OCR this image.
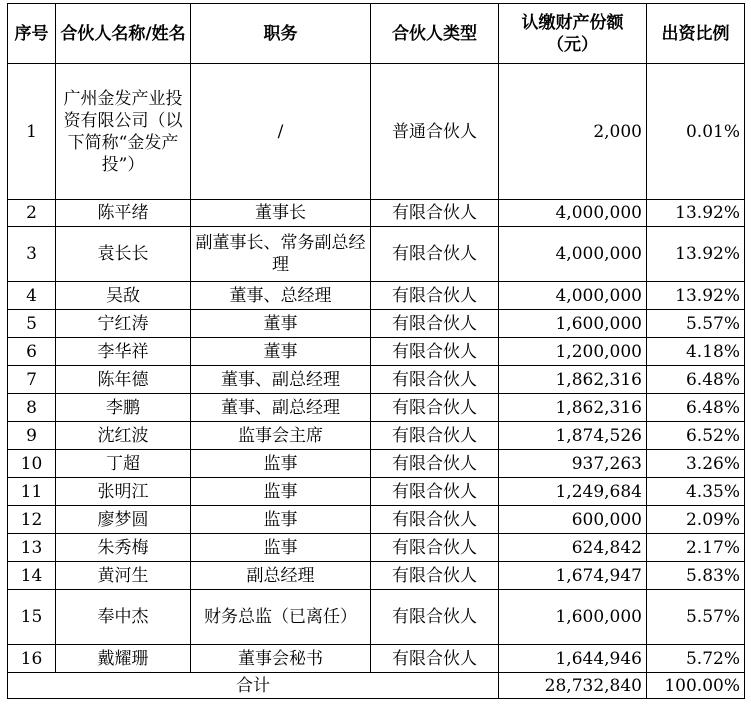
序号	合伙人名称/姓名	职务	合伙人类型	认缴财产份额（元）	出资比例
1	广州金发产业投资有限公司（以下简称“金发产投”）	/	普通合伙人	2,000	0.01%
2	陈平绪	董事长	有限合伙人	4,000,000	13.92%
3	袁长长	副董事长、常务副总经理	有限合伙人	4,000,000	13.92%
4	吴敌	董事、总经理	有限合伙人	4,000,000	13.92%
5	宁红涛	董事	有限合伙人	1,600,000	5.57%
6	李华祥	董事	有限合伙人	1,200,000	4.18%
7	陈年德	董事、副总经理	有限合伙人	1,862,316	6.48%
8	李鹏	董事、副总经理	有限合伙人	1,862,316	6.48%
9	沈红波	监事会主席	有限合伙人	1,874,526	6.52%
10	丁超	监事	有限合伙人	937,263	3.26%
11	张明江	监事	有限合伙人	1,249,684	4.35%
12	廖梦圆	监事	有限合伙人	600,000	2.09%
13	朱秀梅	监事	有限合伙人	624,842	2.17%
14	黄河生	副总经理	有限合伙人	1,674,947	5.83%
15	奉中杰	财务总监（已离任）	有限合伙人	1,600,000	5.57%
16	戴耀珊	董事会秘书	有限合伙人	1,644,946	5.72%
合计				28,732,840	100.00%
